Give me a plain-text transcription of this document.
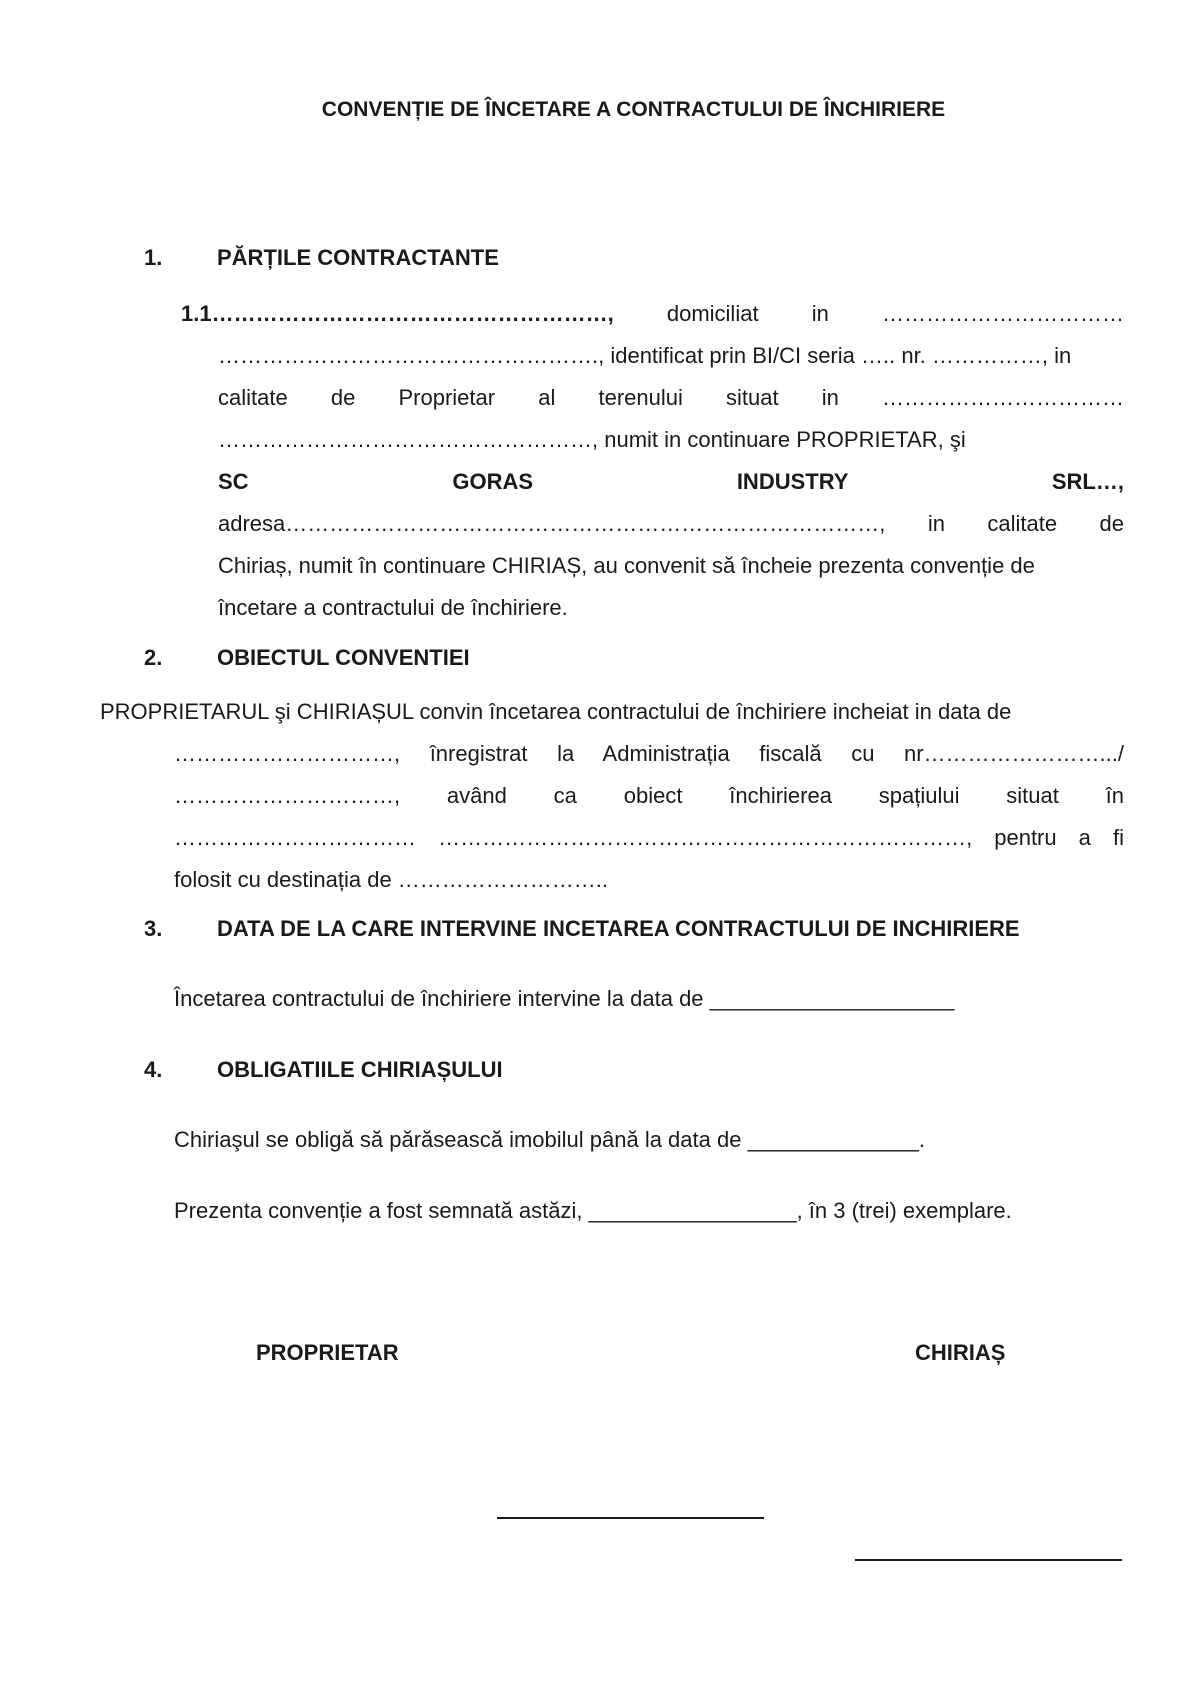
CONVENȚIE DE ÎNCETARE A CONTRACTULUI DE ÎNCHIRIERE
1. PĂRȚILE CONTRACTANTE
1.1………………………………………………, domiciliat in ……………………………
……………………………………………., identificat prin BI/CI seria ….. nr. ……………, in
calitate de Proprietar al terenului situat in ……………………………
……………………………………………, numit in continuare PROPRIETAR, şi
SC	GORAS	INDUSTRY	SRL…,
adresa………………………………………………………………………, in calitate de
Chiriaș, numit în continuare CHIRIAȘ, au convenit să încheie prezenta convenție de
încetare a contractului de închiriere.
2. OBIECTUL CONVENTIEI
PROPRIETARUL şi CHIRIAȘUL convin încetarea contractului de închiriere incheiat in data de
…………………………, înregistrat la Administrația fiscală cu nr…………………….../
…………………………, având ca obiect închirierea spațiului situat în
…………………………… ………………………………………………………………, pentru a fi
folosit cu destinația de ………………………..
3. DATA DE LA CARE INTERVINE INCETAREA CONTRACTULUI DE INCHIRIERE
Încetarea contractului de închiriere intervine la data de ____________________
4. OBLIGATIILE CHIRIAȘULUI
Chiriaşul se obligă să părăsească imobilul până la data de ______________.
Prezenta convenție a fost semnată astăzi, _________________, în 3 (trei) exemplare.
PROPRIETAR	CHIRIAȘ
